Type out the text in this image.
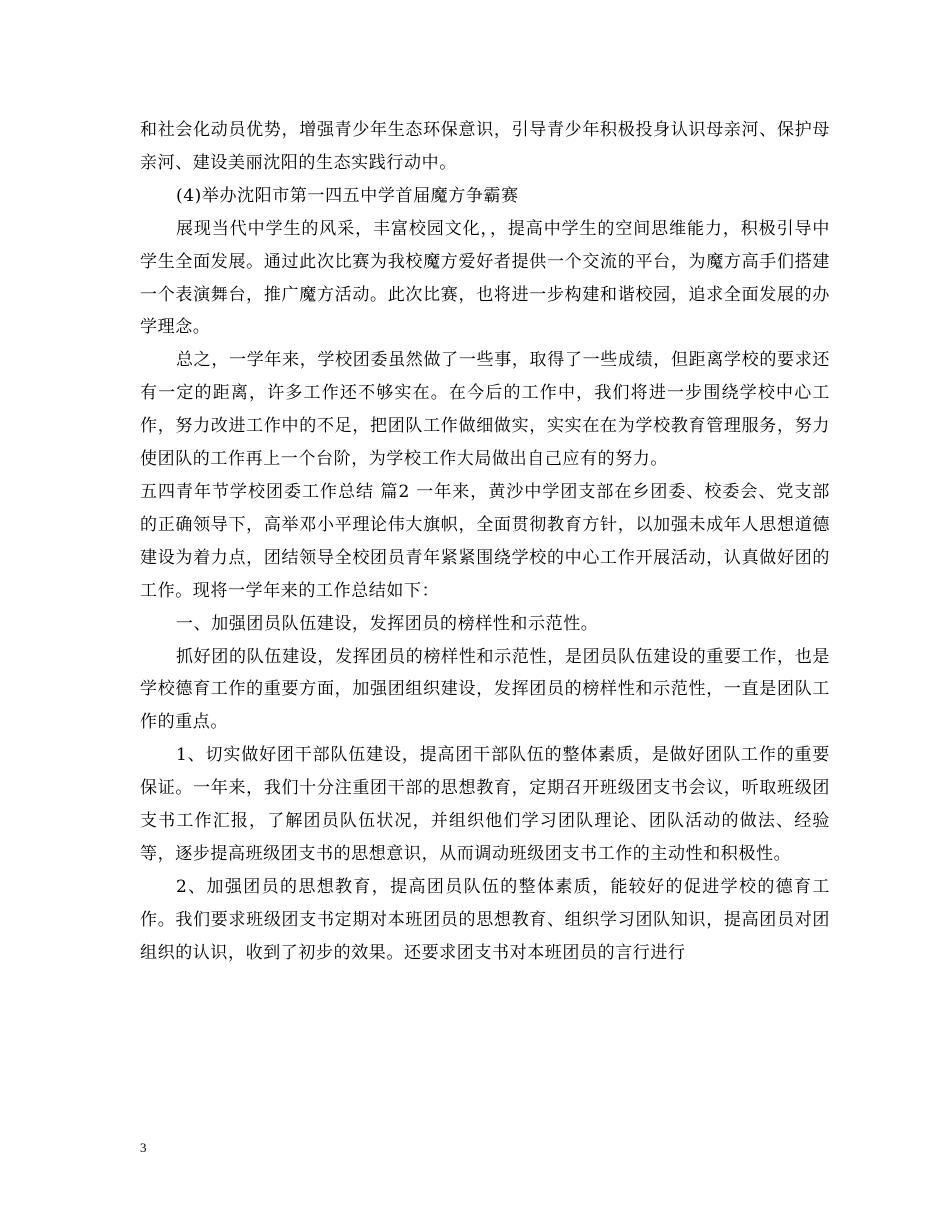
和社会化动员优势，增强青少年生态环保意识，引导青少年积极投身认识母亲河、保护母亲河、建设美丽沈阳的生态实践行动中。

(4)举办沈阳市第一四五中学首届魔方争霸赛

展现当代中学生的风采，丰富校园文化，，提高中学生的空间思维能力，积极引导中学生全面发展。通过此次比赛为我校魔方爱好者提供一个交流的平台，为魔方高手们搭建一个表演舞台，推广魔方活动。此次比赛，也将进一步构建和谐校园，追求全面发展的办学理念。

总之，一学年来，学校团委虽然做了一些事，取得了一些成绩，但距离学校的要求还有一定的距离，许多工作还不够实在。在今后的工作中，我们将进一步围绕学校中心工作，努力改进工作中的不足，把团队工作做细做实，实实在在为学校教育管理服务，努力使团队的工作再上一个台阶，为学校工作大局做出自己应有的努力。

五四青年节学校团委工作总结 篇2 一年来，黄沙中学团支部在乡团委、校委会、党支部的正确领导下，高举邓小平理论伟大旗帜，全面贯彻教育方针，以加强未成年人思想道德建设为着力点，团结领导全校团员青年紧紧围绕学校的中心工作开展活动，认真做好团的工作。现将一学年来的工作总结如下：

一、加强团员队伍建设，发挥团员的榜样性和示范性。

抓好团的队伍建设，发挥团员的榜样性和示范性，是团员队伍建设的重要工作，也是学校德育工作的重要方面，加强团组织建设，发挥团员的榜样性和示范性，一直是团队工作的重点。

1、切实做好团干部队伍建设，提高团干部队伍的整体素质，是做好团队工作的重要保证。一年来，我们十分注重团干部的思想教育，定期召开班级团支书会议，听取班级团支书工作汇报，了解团员队伍状况，并组织他们学习团队理论、团队活动的做法、经验等，逐步提高班级团支书的思想意识，从而调动班级团支书工作的主动性和积极性。

2、加强团员的思想教育，提高团员队伍的整体素质，能较好的促进学校的德育工作。我们要求班级团支书定期对本班团员的思想教育、组织学习团队知识，提高团员对团组织的认识，收到了初步的效果。还要求团支书对本班团员的言行进行

3
